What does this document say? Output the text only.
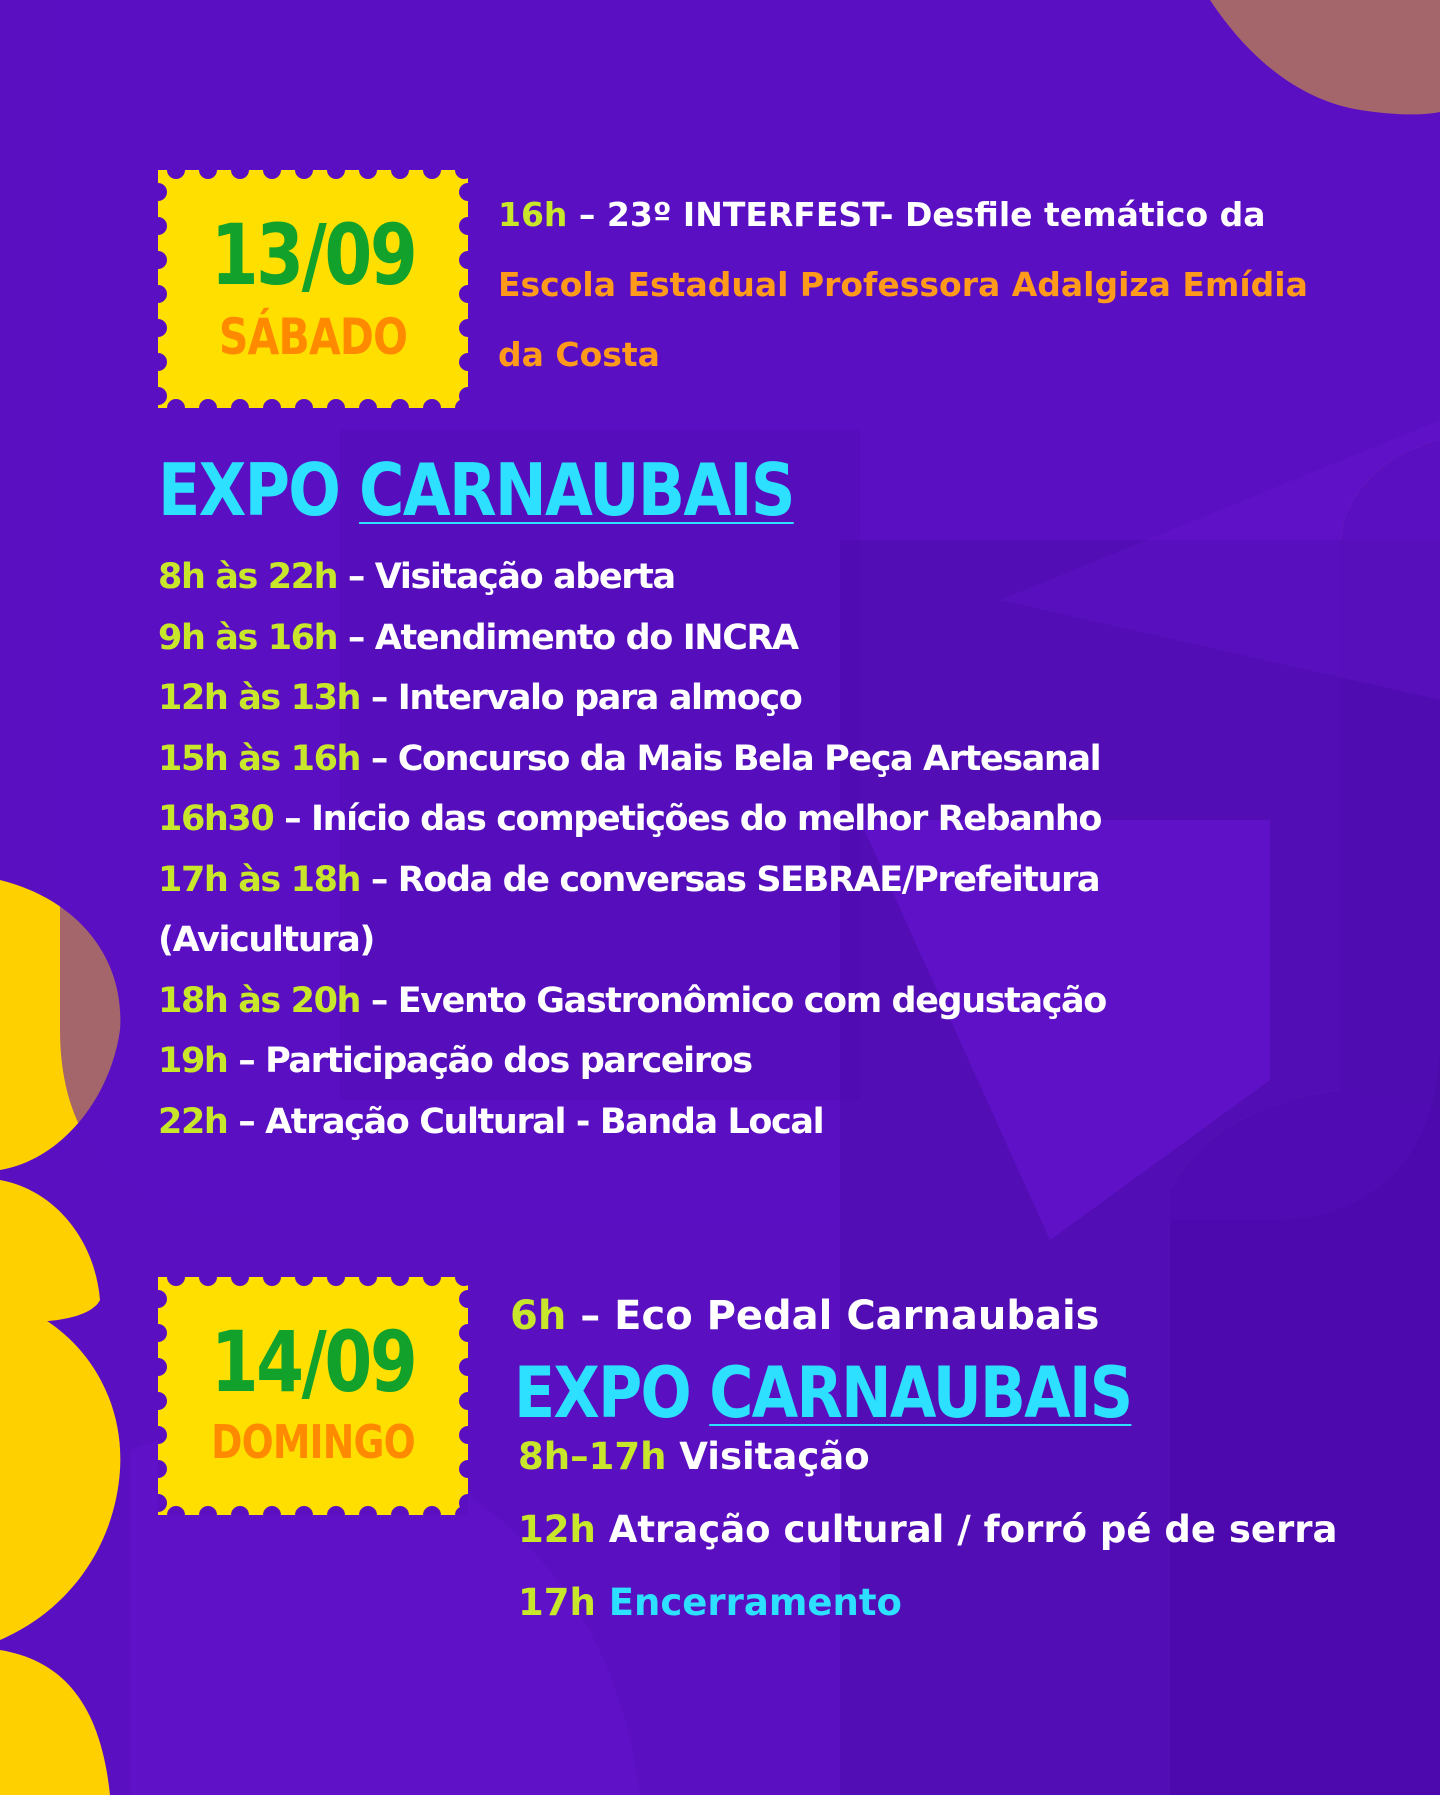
13/09
SÁBADO
16h – 23º INTERFEST- Desfile temático da
Escola Estadual Professora Adalgiza Emídia
da Costa
EXPO CARNAUBAIS
8h às 22h – Visitação aberta
9h às 16h – Atendimento do INCRA
12h às 13h – Intervalo para almoço
15h às 16h – Concurso da Mais Bela Peça Artesanal
16h30 – Início das competições do melhor Rebanho
17h às 18h – Roda de conversas SEBRAE/Prefeitura
(Avicultura)
18h às 20h – Evento Gastronômico com degustação
19h – Participação dos parceiros
22h – Atração Cultural - Banda Local
14/09
DOMINGO
6h – Eco Pedal Carnaubais
EXPO CARNAUBAIS
8h–17h Visitação
12h Atração cultural / forró pé de serra
17h Encerramento
